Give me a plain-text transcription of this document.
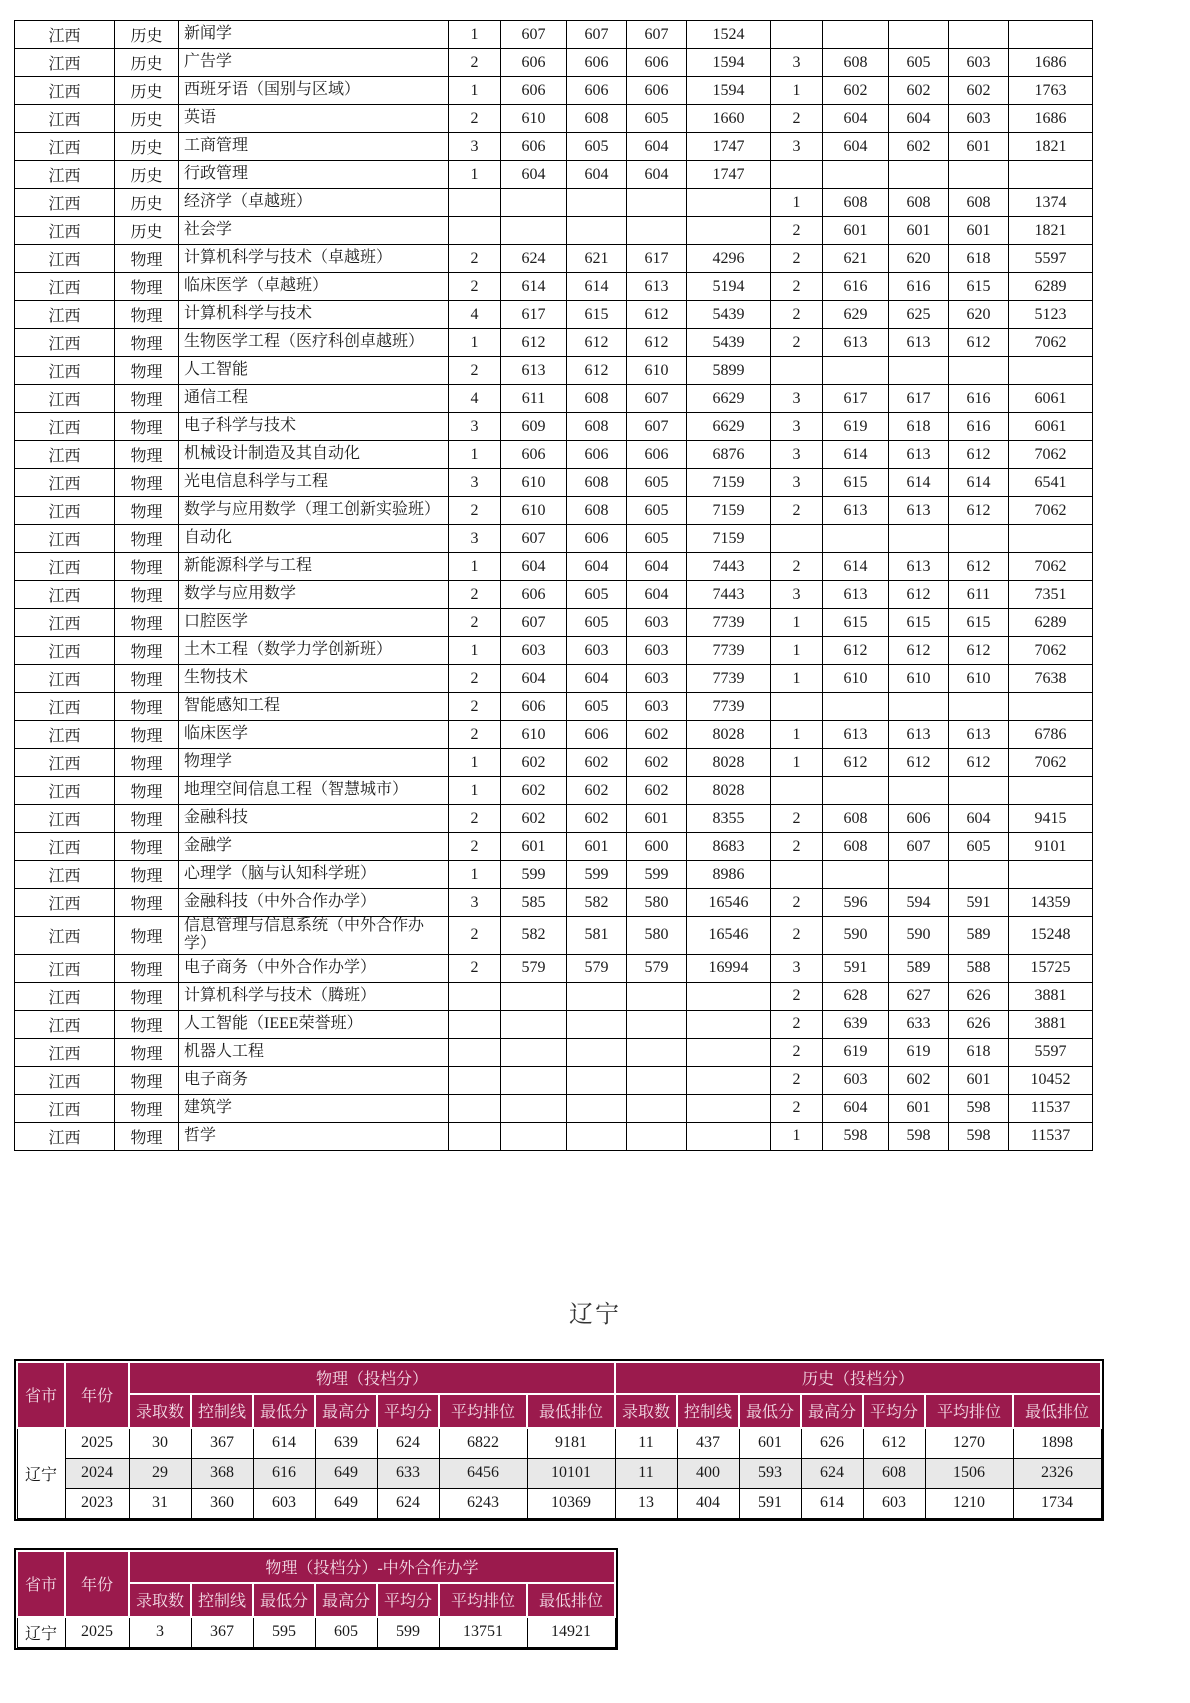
江西	历史	新闻学	1	607	607	607	1524					
江西	历史	广告学	2	606	606	606	1594	3	608	605	603	1686
江西	历史	西班牙语（国别与区域）	1	606	606	606	1594	1	602	602	602	1763
江西	历史	英语	2	610	608	605	1660	2	604	604	603	1686
江西	历史	工商管理	3	606	605	604	1747	3	604	602	601	1821
江西	历史	行政管理	1	604	604	604	1747					
江西	历史	经济学（卓越班）						1	608	608	608	1374
江西	历史	社会学						2	601	601	601	1821
江西	物理	计算机科学与技术（卓越班）	2	624	621	617	4296	2	621	620	618	5597
江西	物理	临床医学（卓越班）	2	614	614	613	5194	2	616	616	615	6289
江西	物理	计算机科学与技术	4	617	615	612	5439	2	629	625	620	5123
江西	物理	生物医学工程（医疗科创卓越班）	1	612	612	612	5439	2	613	613	612	7062
江西	物理	人工智能	2	613	612	610	5899					
江西	物理	通信工程	4	611	608	607	6629	3	617	617	616	6061
江西	物理	电子科学与技术	3	609	608	607	6629	3	619	618	616	6061
江西	物理	机械设计制造及其自动化	1	606	606	606	6876	3	614	613	612	7062
江西	物理	光电信息科学与工程	3	610	608	605	7159	3	615	614	614	6541
江西	物理	数学与应用数学（理工创新实验班）	2	610	608	605	7159	2	613	613	612	7062
江西	物理	自动化	3	607	606	605	7159					
江西	物理	新能源科学与工程	1	604	604	604	7443	2	614	613	612	7062
江西	物理	数学与应用数学	2	606	605	604	7443	3	613	612	611	7351
江西	物理	口腔医学	2	607	605	603	7739	1	615	615	615	6289
江西	物理	土木工程（数学力学创新班）	1	603	603	603	7739	1	612	612	612	7062
江西	物理	生物技术	2	604	604	603	7739	1	610	610	610	7638
江西	物理	智能感知工程	2	606	605	603	7739					
江西	物理	临床医学	2	610	606	602	8028	1	613	613	613	6786
江西	物理	物理学	1	602	602	602	8028	1	612	612	612	7062
江西	物理	地理空间信息工程（智慧城市）	1	602	602	602	8028					
江西	物理	金融科技	2	602	602	601	8355	2	608	606	604	9415
江西	物理	金融学	2	601	601	600	8683	2	608	607	605	9101
江西	物理	心理学（脑与认知科学班）	1	599	599	599	8986					
江西	物理	金融科技（中外合作办学）	3	585	582	580	16546	2	596	594	591	14359
江西	物理	信息管理与信息系统（中外合作办学）	2	582	581	580	16546	2	590	590	589	15248
江西	物理	电子商务（中外合作办学）	2	579	579	579	16994	3	591	589	588	15725
江西	物理	计算机科学与技术（腾班）						2	628	627	626	3881
江西	物理	人工智能（IEEE荣誉班）						2	639	633	626	3881
江西	物理	机器人工程						2	619	619	618	5597
江西	物理	电子商务						2	603	602	601	10452
江西	物理	建筑学						2	604	601	598	11537
江西	物理	哲学						1	598	598	598	11537
辽宁
省市	年份	物理（投档分）							历史（投档分）						
		录取数	控制线	最低分	最高分	平均分	平均排位	最低排位	录取数	控制线	最低分	最高分	平均分	平均排位	最低排位
辽宁	2025	30	367	614	639	624	6822	9181	11	437	601	626	612	1270	1898
	2024	29	368	616	649	633	6456	10101	11	400	593	624	608	1506	2326
	2023	31	360	603	649	624	6243	10369	13	404	591	614	603	1210	1734

省市	年份	物理（投档分）-中外合作办学						
		录取数	控制线	最低分	最高分	平均分	平均排位	最低排位
辽宁	2025	3	367	595	605	599	13751	14921
